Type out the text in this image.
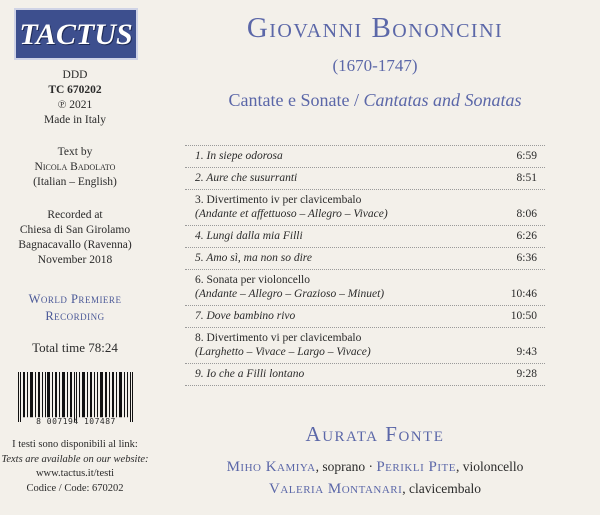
TACTUS
DDD
TC 670202
℗ 2021
Made in Italy
Text by
Nicola Badolato
(Italian – English)
Recorded at
Chiesa di San Girolamo
Bagnacavallo (Ravenna)
November 2018
World Premiere
Recording
Total time 78:24
8 007194 107487
I testi sono disponibili al link:
Texts are available on our website:
www.tactus.it/testi
Codice / Code: 670202
Giovanni Bononcini
(1670-1747)
Cantate e Sonate / Cantatas and Sonatas
1. In siepe odorosa	6:59
2. Aure che susurranti	8:51
3. Divertimento iv per clavicembalo
(Andante et affettuoso – Allegro – Vivace)	8:06
4. Lungi dalla mia Filli	6:26
5. Amo sì, ma non so dire	6:36
6. Sonata per violoncello
(Andante – Allegro – Grazioso – Minuet)	10:46
7. Dove bambino rivo	10:50
8. Divertimento vi per clavicembalo
(Larghetto – Vivace – Largo – Vivace)	9:43
9. Io che a Filli lontano	9:28
Aurata Fonte
Miho Kamiya, soprano · Perikli Pite, violoncello
Valeria Montanari, clavicembalo
